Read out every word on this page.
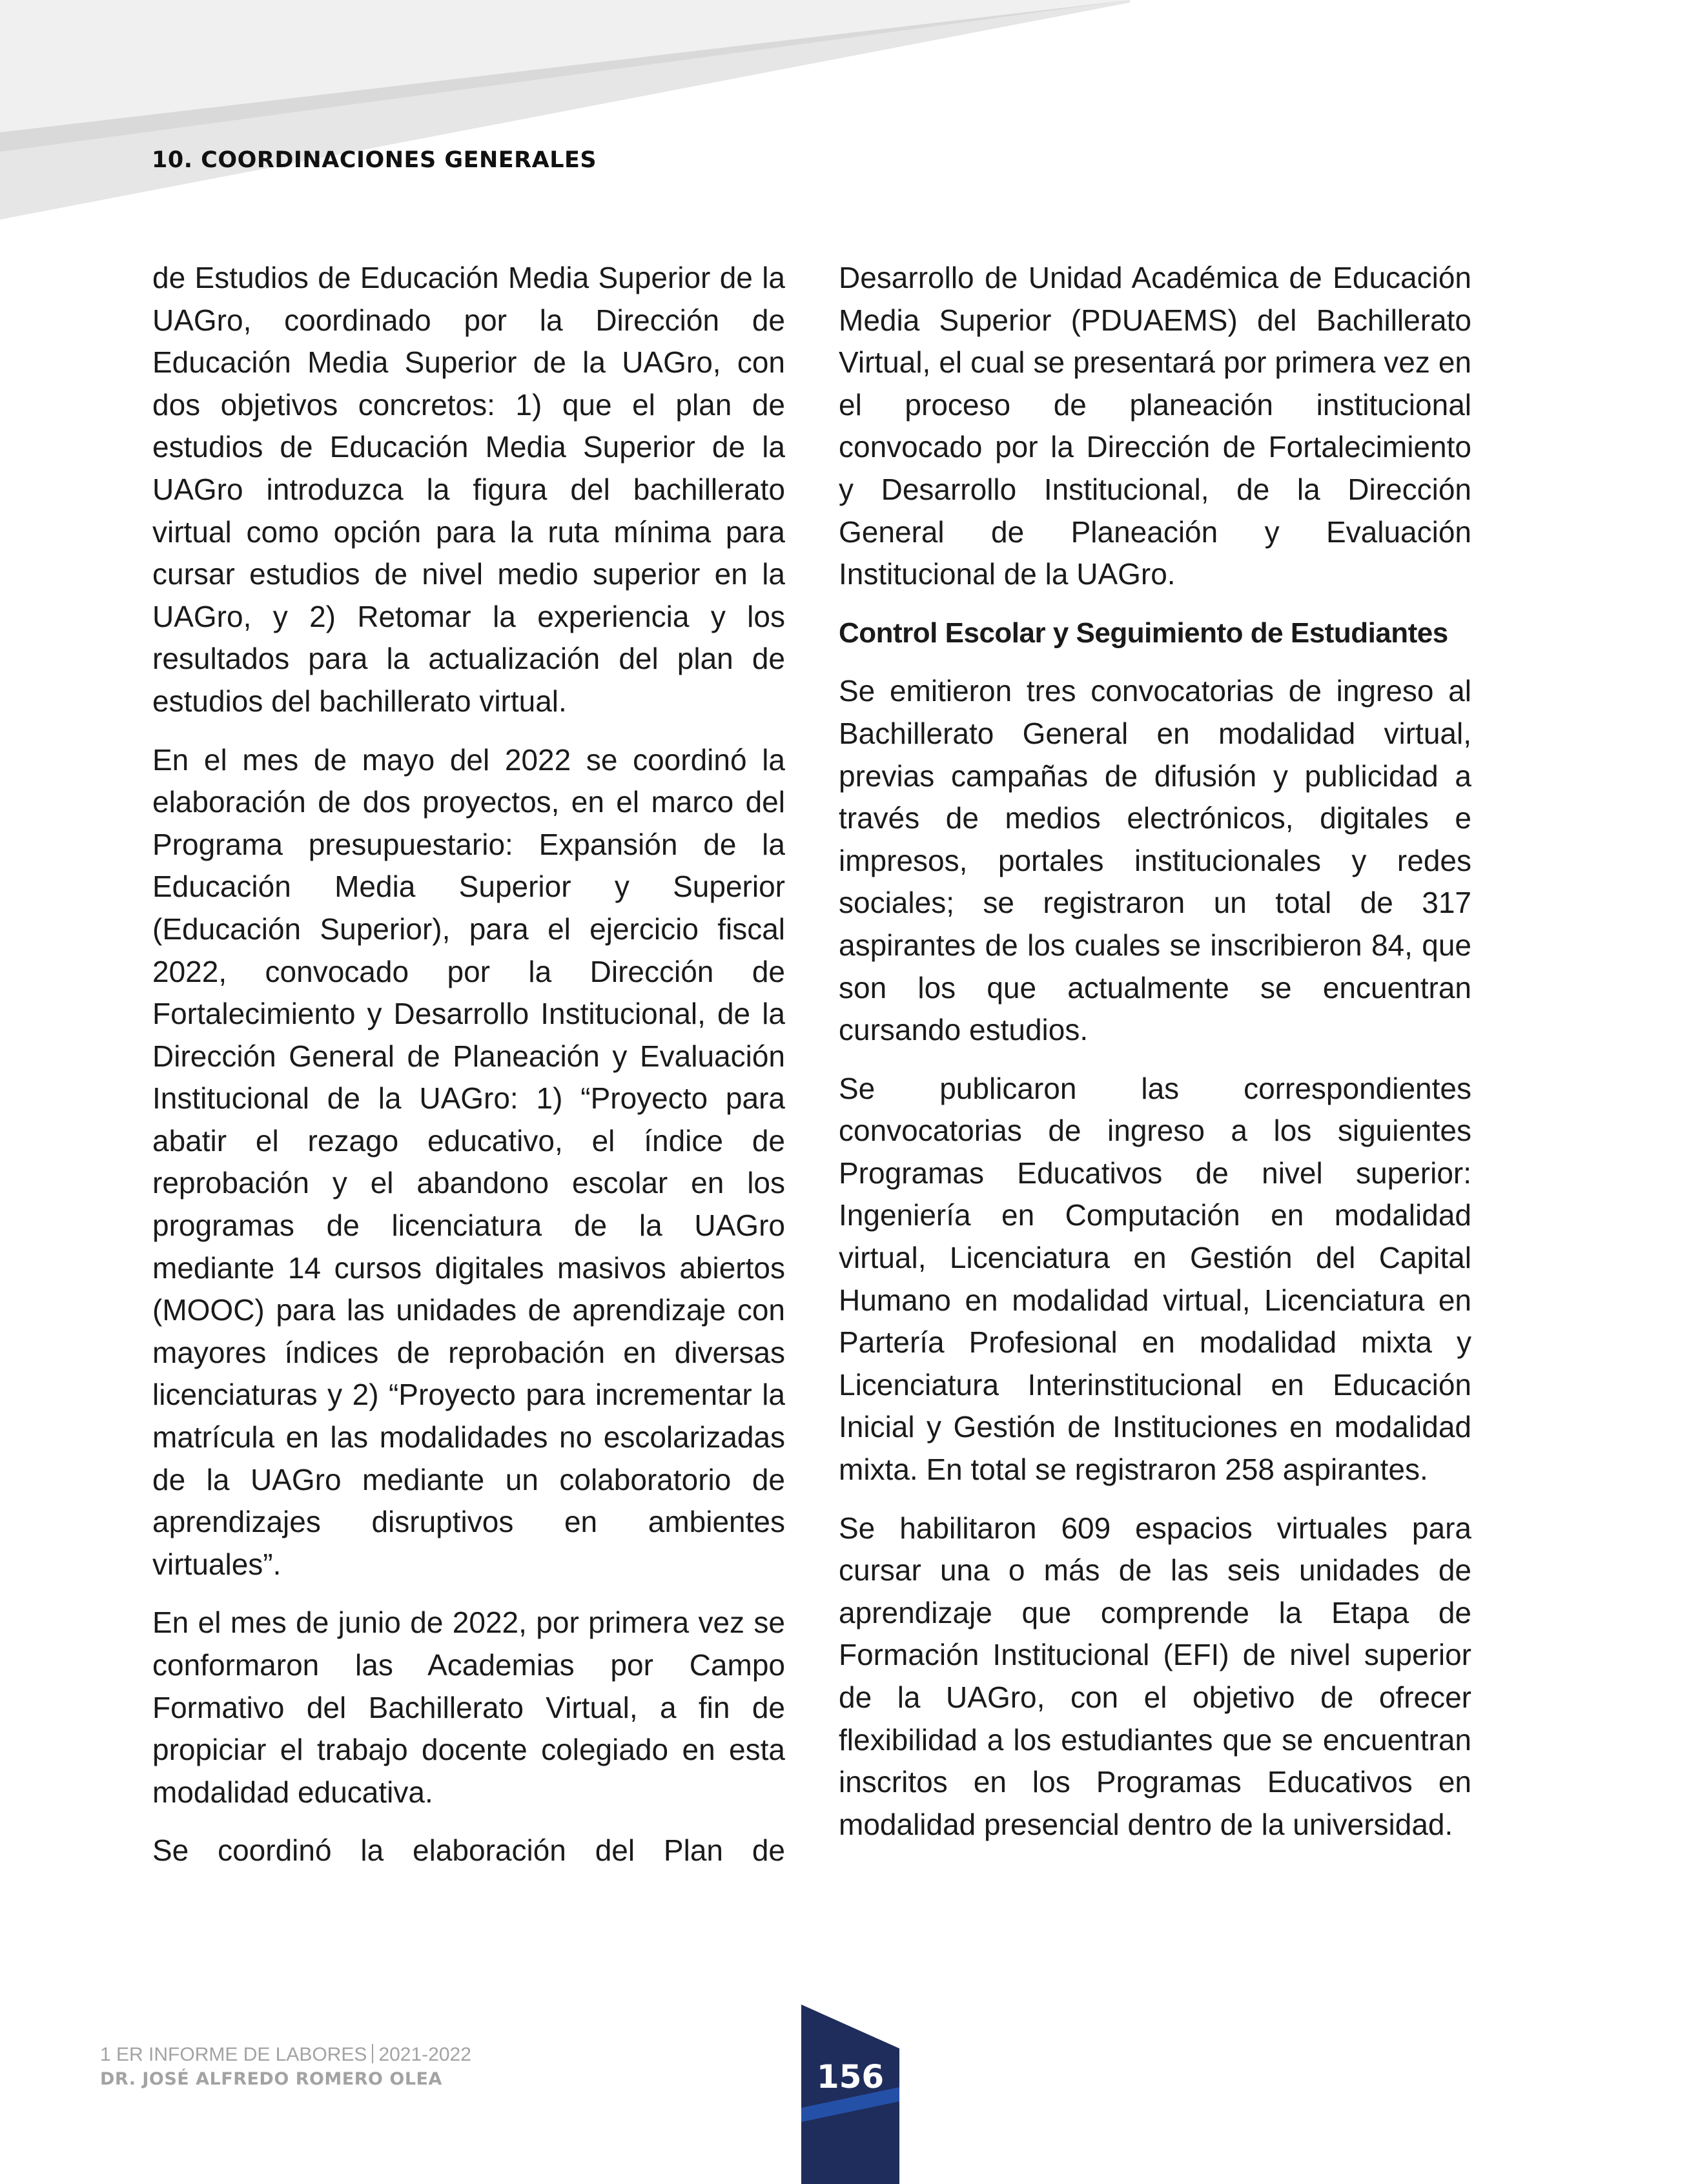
10. COORDINACIONES GENERALES

de Estudios de Educación Media Superior de la UAGro, coordinado por la Dirección de Educación Media Superior de la UAGro, con dos objetivos concretos: 1) que el plan de estudios de Educación Media Superior de la UAGro introduzca la figura del bachillerato virtual como opción para la ruta mínima para cursar estudios de nivel medio superior en la UAGro, y 2) Retomar la experiencia y los resultados para la actualización del plan de estudios del bachillerato virtual.

En el mes de mayo del 2022 se coordinó la elaboración de dos proyectos, en el marco del Programa presupuestario: Expansión de la Educación Media Superior y Superior (Educación Superior), para el ejercicio fiscal 2022, convocado por la Dirección de Fortalecimiento y Desarrollo Institucional, de la Dirección General de Planeación y Evaluación Institucional de la UAGro: 1) “Proyecto para abatir el rezago educativo, el índice de reprobación y el abandono escolar en los programas de licenciatura de la UAGro mediante 14 cursos digitales masivos abiertos (MOOC) para las unidades de aprendizaje con mayores índices de reprobación en diversas licenciaturas y 2) “Proyecto para incrementar la matrícula en las modalidades no escolarizadas de la UAGro mediante un colaboratorio de aprendizajes disruptivos en ambientes virtuales”.

En el mes de junio de 2022, por primera vez se conformaron las Academias por Campo Formativo del Bachillerato Virtual, a fin de propiciar el trabajo docente colegiado en esta modalidad educativa.

Se coordinó la elaboración del Plan de

Desarrollo de Unidad Académica de Educación Media Superior (PDUAEMS) del Bachillerato Virtual, el cual se presentará por primera vez en el proceso de planeación institucional convocado por la Dirección de Fortalecimiento y Desarrollo Institucional, de la Dirección General de Planeación y Evaluación Institucional de la UAGro.

Control Escolar y Seguimiento de Estudiantes

Se emitieron tres convocatorias de ingreso al Bachillerato General en modalidad virtual, previas campañas de difusión y publicidad a través de medios electrónicos, digitales e impresos, portales institucionales y redes sociales; se registraron un total de 317 aspirantes de los cuales se inscribieron 84, que son los que actualmente se encuentran cursando estudios.

Se publicaron las correspondientes convocatorias de ingreso a los siguientes Programas Educativos de nivel superior: Ingeniería en Computación en modalidad virtual, Licenciatura en Gestión del Capital Humano en modalidad virtual, Licenciatura en Partería Profesional en modalidad mixta y Licenciatura Interinstitucional en Educación Inicial y Gestión de Instituciones en modalidad mixta. En total se registraron 258 aspirantes.

Se habilitaron 609 espacios virtuales para cursar una o más de las seis unidades de aprendizaje que comprende la Etapa de Formación Institucional (EFI) de nivel superior de la UAGro, con el objetivo de ofrecer flexibilidad a los estudiantes que se encuentran inscritos en los Programas Educativos en modalidad presencial dentro de la universidad.

1 ER INFORME DE LABORES 2021-2022
DR. JOSÉ ALFREDO ROMERO OLEA	156
